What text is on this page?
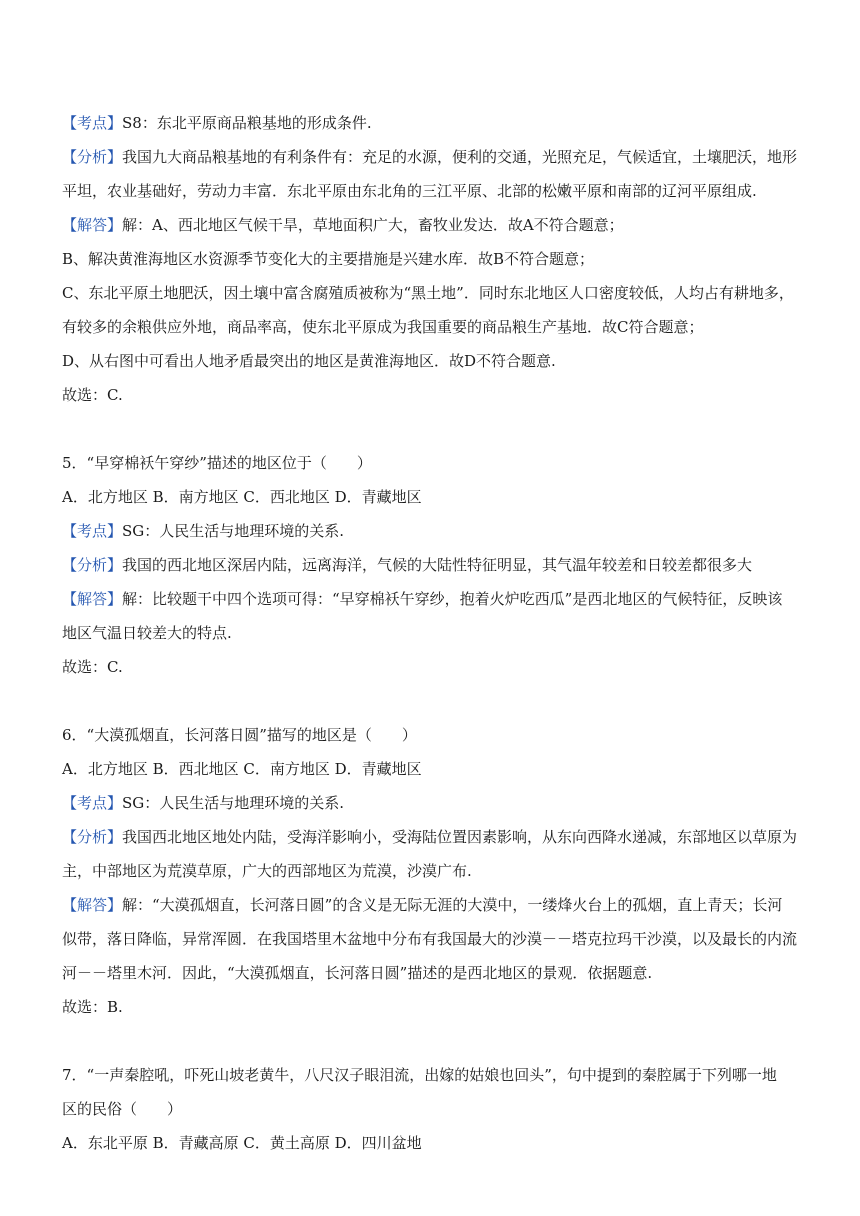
【考点】S8：东北平原商品粮基地的形成条件.

【分析】我国九大商品粮基地的有利条件有：充足的水源，便利的交通，光照充足，气候适宜，土壤肥沃，地形

平坦，农业基础好，劳动力丰富．东北平原由东北角的三江平原、北部的松嫩平原和南部的辽河平原组成.

【解答】解：A、西北地区气候干旱，草地面积广大，畜牧业发达．故A不符合题意；

B、解决黄淮海地区水资源季节变化大的主要措施是兴建水库．故B不符合题意；

C、东北平原土地肥沃，因土壤中富含腐殖质被称为“黑土地”．同时东北地区人口密度较低，人均占有耕地多，

有较多的余粮供应外地，商品率高，使东北平原成为我国重要的商品粮生产基地．故C符合题意；

D、从右图中可看出人地矛盾最突出的地区是黄淮海地区．故D不符合题意.

故选：C.

5．“早穿棉袄午穿纱”描述的地区位于（　　）

A．北方地区 B．南方地区 C．西北地区 D．青藏地区

【考点】SG：人民生活与地理环境的关系.

【分析】我国的西北地区深居内陆，远离海洋，气候的大陆性特征明显，其气温年较差和日较差都很多大

【解答】解：比较题干中四个选项可得：“早穿棉袄午穿纱，抱着火炉吃西瓜”是西北地区的气候特征，反映该

地区气温日较差大的特点.

故选：C.

6．“大漠孤烟直，长河落日圆”描写的地区是（　　）

A．北方地区 B．西北地区 C．南方地区 D．青藏地区

【考点】SG：人民生活与地理环境的关系.

【分析】我国西北地区地处内陆，受海洋影响小，受海陆位置因素影响，从东向西降水递减，东部地区以草原为

主，中部地区为荒漠草原，广大的西部地区为荒漠，沙漠广布.

【解答】解：“大漠孤烟直，长河落日圆”的含义是无际无涯的大漠中，一缕烽火台上的孤烟，直上青天；长河

似带，落日降临，异常浑圆．在我国塔里木盆地中分布有我国最大的沙漠－－塔克拉玛干沙漠，以及最长的内流

河－－塔里木河．因此，“大漠孤烟直，长河落日圆”描述的是西北地区的景观．依据题意.

故选：B.

7．“一声秦腔吼，吓死山坡老黄牛，八尺汉子眼泪流，出嫁的姑娘也回头”，句中提到的秦腔属于下列哪一地

区的民俗（　　）

A．东北平原 B．青藏高原 C．黄土高原 D．四川盆地
